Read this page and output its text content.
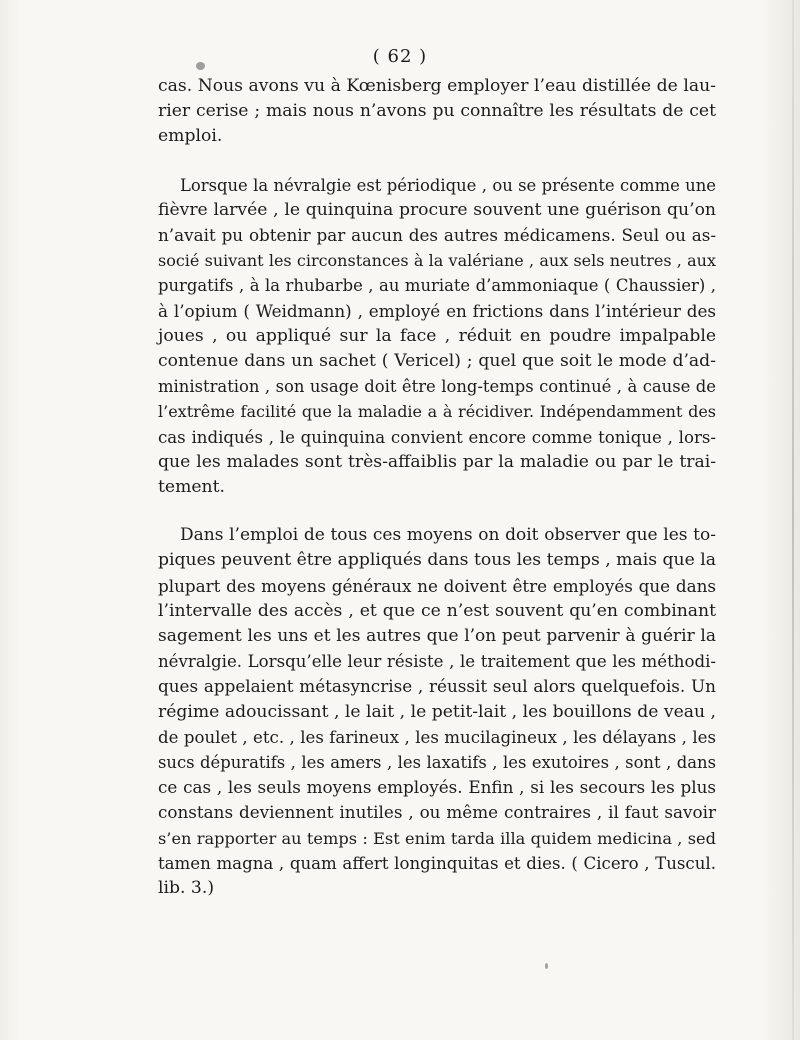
( 62 )

cas. Nous avons vu à Kœnisberg employer l’eau distillée de lau-
rier cerise ; mais nous n’avons pu connaître les résultats de cet
emploi.

Lorsque la névralgie est périodique , ou se présente comme une
fièvre larvée , le quinquina procure souvent une guérison qu’on
n’avait pu obtenir par aucun des autres médicamens. Seul ou as-
socié suivant les circonstances à la valériane , aux sels neutres , aux
purgatifs , à la rhubarbe , au muriate d’ammoniaque ( Chaussier) ,
à l’opium ( Weidmann) , employé en frictions dans l’intérieur des
joues , ou appliqué sur la face , réduit en poudre impalpable
contenue dans un sachet ( Vericel) ; quel que soit le mode d’ad-
ministration , son usage doit être long-temps continué , à cause de
l’extrême facilité que la maladie a à récidiver. Indépendamment des
cas indiqués , le quinquina convient encore comme tonique , lors-
que les malades sont très-affaiblis par la maladie ou par le trai-
tement.

Dans l’emploi de tous ces moyens on doit observer que les to-
piques peuvent être appliqués dans tous les temps , mais que la
plupart des moyens généraux ne doivent être employés que dans
l’intervalle des accès , et que ce n’est souvent qu’en combinant
sagement les uns et les autres que l’on peut parvenir à guérir la
névralgie. Lorsqu’elle leur résiste , le traitement que les méthodi-
ques appelaient métasyncrise , réussit seul alors quelquefois. Un
régime adoucissant , le lait , le petit-lait , les bouillons de veau ,
de poulet , etc. , les farineux , les mucilagineux , les délayans , les
sucs dépuratifs , les amers , les laxatifs , les exutoires , sont , dans
ce cas , les seuls moyens employés. Enfin , si les secours les plus
constans deviennent inutiles , ou même contraires , il faut savoir
s’en rapporter au temps : Est enim tarda illa quidem medicina , sed
tamen magna , quam affert longinquitas et dies. ( Cicero , Tuscul.
lib. 3.)
